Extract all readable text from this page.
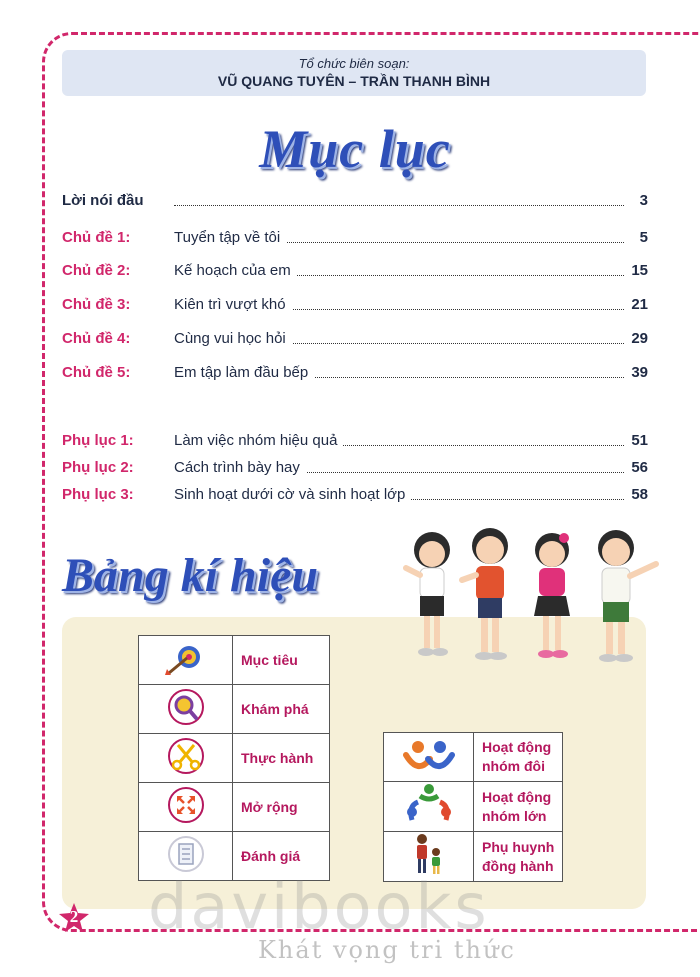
Tổ chức biên soạn:
VŨ QUANG TUYÊN – TRẦN THANH BÌNH
Mục lục
Lời nói đầu	3
Chủ đề 1:	Tuyển tập về tôi	5
Chủ đề 2:	Kế hoạch của em	15
Chủ đề 3:	Kiên trì vượt khó	21
Chủ đề 4:	Cùng vui học hỏi	29
Chủ đề 5:	Em tập làm đầu bếp	39
Phụ lục 1:	Làm việc nhóm hiệu quả	51
Phụ lục 2:	Cách trình bày hay	56
Phụ lục 3:	Sinh hoạt dưới cờ và sinh hoạt lớp	58
Bảng kí hiệu
	Mục tiêu
	Khám phá
	Thực hành
	Mở rộng
	Đánh giá
	Hoạt động nhóm đôi
	Hoạt động nhóm lớn
	Phụ huynh đồng hành
2 davibooks
Khát vọng tri thức
